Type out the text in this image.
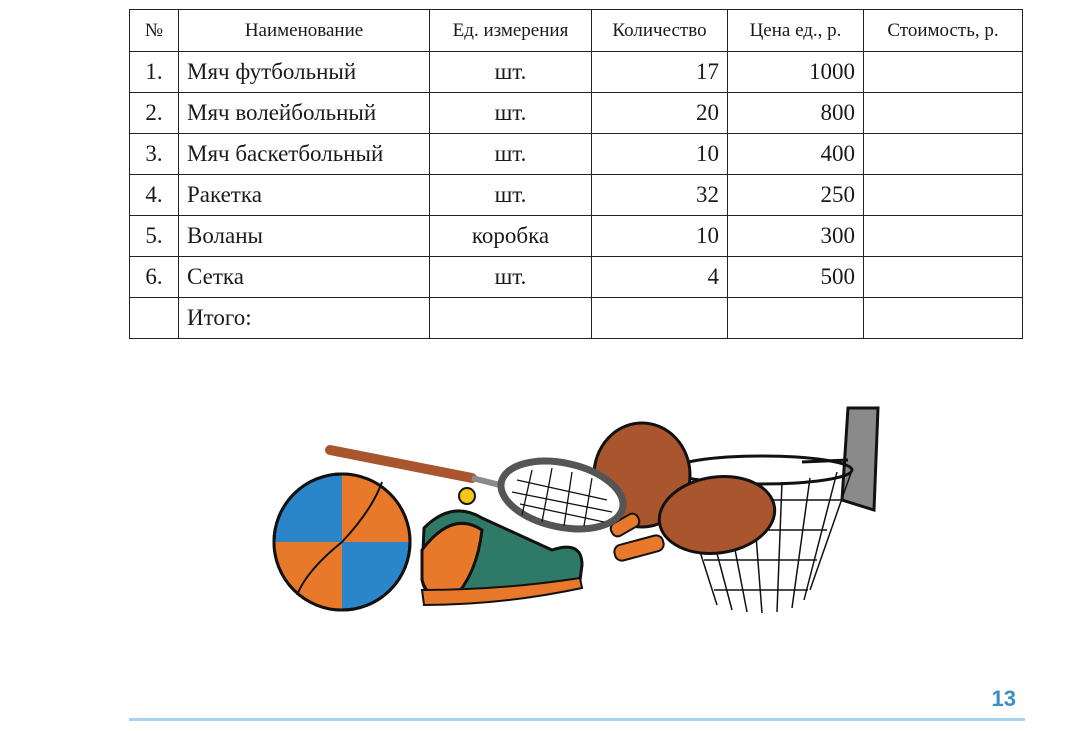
№	Наименование	Ед. измерения	Количество	Цена ед., р.	Стоимость, р.
1.	Мяч футбольный	шт.	17	1000	
2.	Мяч волейбольный	шт.	20	800	
3.	Мяч баскетбольный	шт.	10	400	
4.	Ракетка	шт.	32	250	
5.	Воланы	коробка	10	300	
6.	Сетка	шт.	4	500	
	Итого:				
13
